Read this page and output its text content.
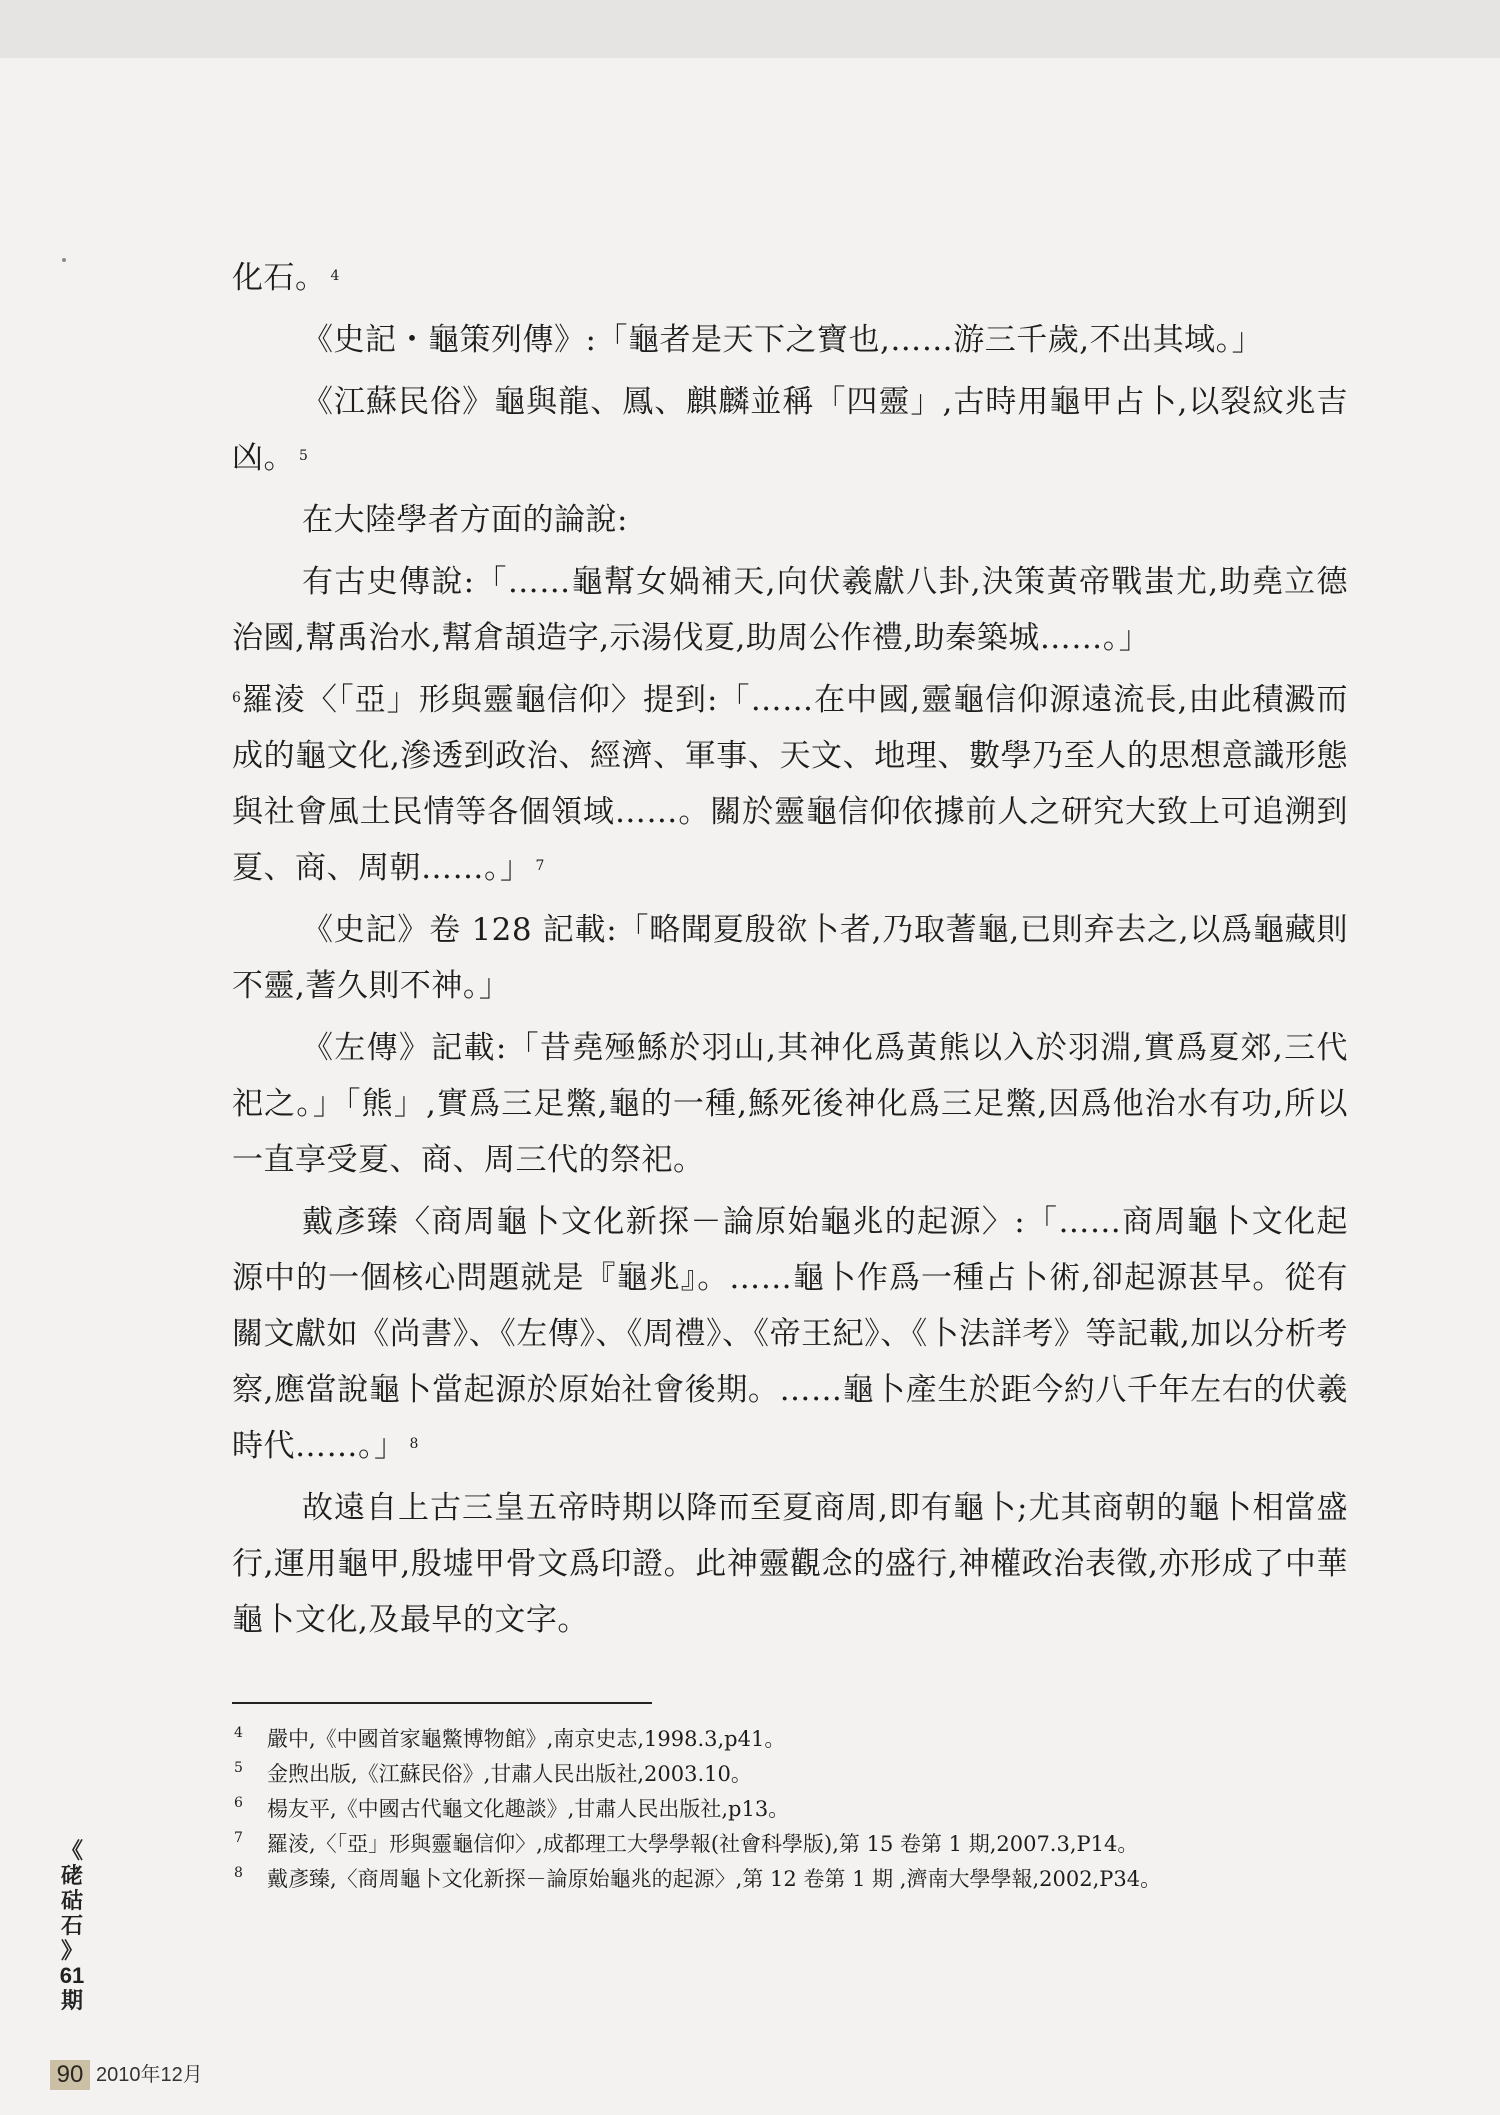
化石。 $^4$

《史記・龜策列傳》:「龜者是天下之寶也,……游三千歲,不出其域。」

《江蘇民俗》龜與龍、鳳、麒麟並稱「四靈」,古時用龜甲占卜,以裂紋兆吉凶。 $^5$

在大陸學者方面的論說:

有古史傳說:「……龜幫女媧補天,向伏羲獻八卦,決策黃帝戰蚩尤,助堯立德治國,幫禹治水,幫倉頡造字,示湯伐夏,助周公作禮,助秦築城……。」

$^6$羅淩〈「亞」形與靈龜信仰〉提到:「……在中國,靈龜信仰源遠流長,由此積澱而成的龜文化,滲透到政治、經濟、軍事、天文、地理、數學乃至人的思想意識形態與社會風土民情等各個領域……。關於靈龜信仰依據前人之研究大致上可追溯到夏、商、周朝……。」 $^7$

《史記》卷 128 記載:「略聞夏殷欲卜者,乃取蓍龜,已則弃去之,以爲龜藏則不靈,蓍久則不神。」

《左傳》記載:「昔堯殛鯀於羽山,其神化爲黃熊以入於羽淵,實爲夏郊,三代祀之。」「熊」,實爲三足鱉,龜的一種,鯀死後神化爲三足鱉,因爲他治水有功,所以一直享受夏、商、周三代的祭祀。

戴彥臻〈商周龜卜文化新探－論原始龜兆的起源〉:「……商周龜卜文化起源中的一個核心問題就是『龜兆』。……龜卜作爲一種占卜術,卻起源甚早。從有關文獻如《尚書》、《左傳》、《周禮》、《帝王紀》、《卜法詳考》等記載,加以分析考察,應當說龜卜當起源於原始社會後期。……龜卜產生於距今約八千年左右的伏羲時代……。」 $^8$

故遠自上古三皇五帝時期以降而至夏商周,即有龜卜;尤其商朝的龜卜相當盛行,運用龜甲,殷墟甲骨文爲印證。此神靈觀念的盛行,神權政治表徵,亦形成了中華龜卜文化,及最早的文字。

4	嚴中,《中國首家龜鱉博物館》,南京史志,1998.3,p41。
5	金煦出版,《江蘇民俗》,甘肅人民出版社,2003.10。
6	楊友平,《中國古代龜文化趣談》,甘肅人民出版社,p13。
7	羅淩,〈「亞」形與靈龜信仰〉,成都理工大學學報(社會科學版),第 15 卷第 1 期,2007.3,P14。
8	戴彥臻,〈商周龜卜文化新探－論原始龜兆的起源〉,第 12 卷第 1 期 ,濟南大學學報,2002,P34。
《
硓
𥑮
石
》
61
期
90 2010年12月
